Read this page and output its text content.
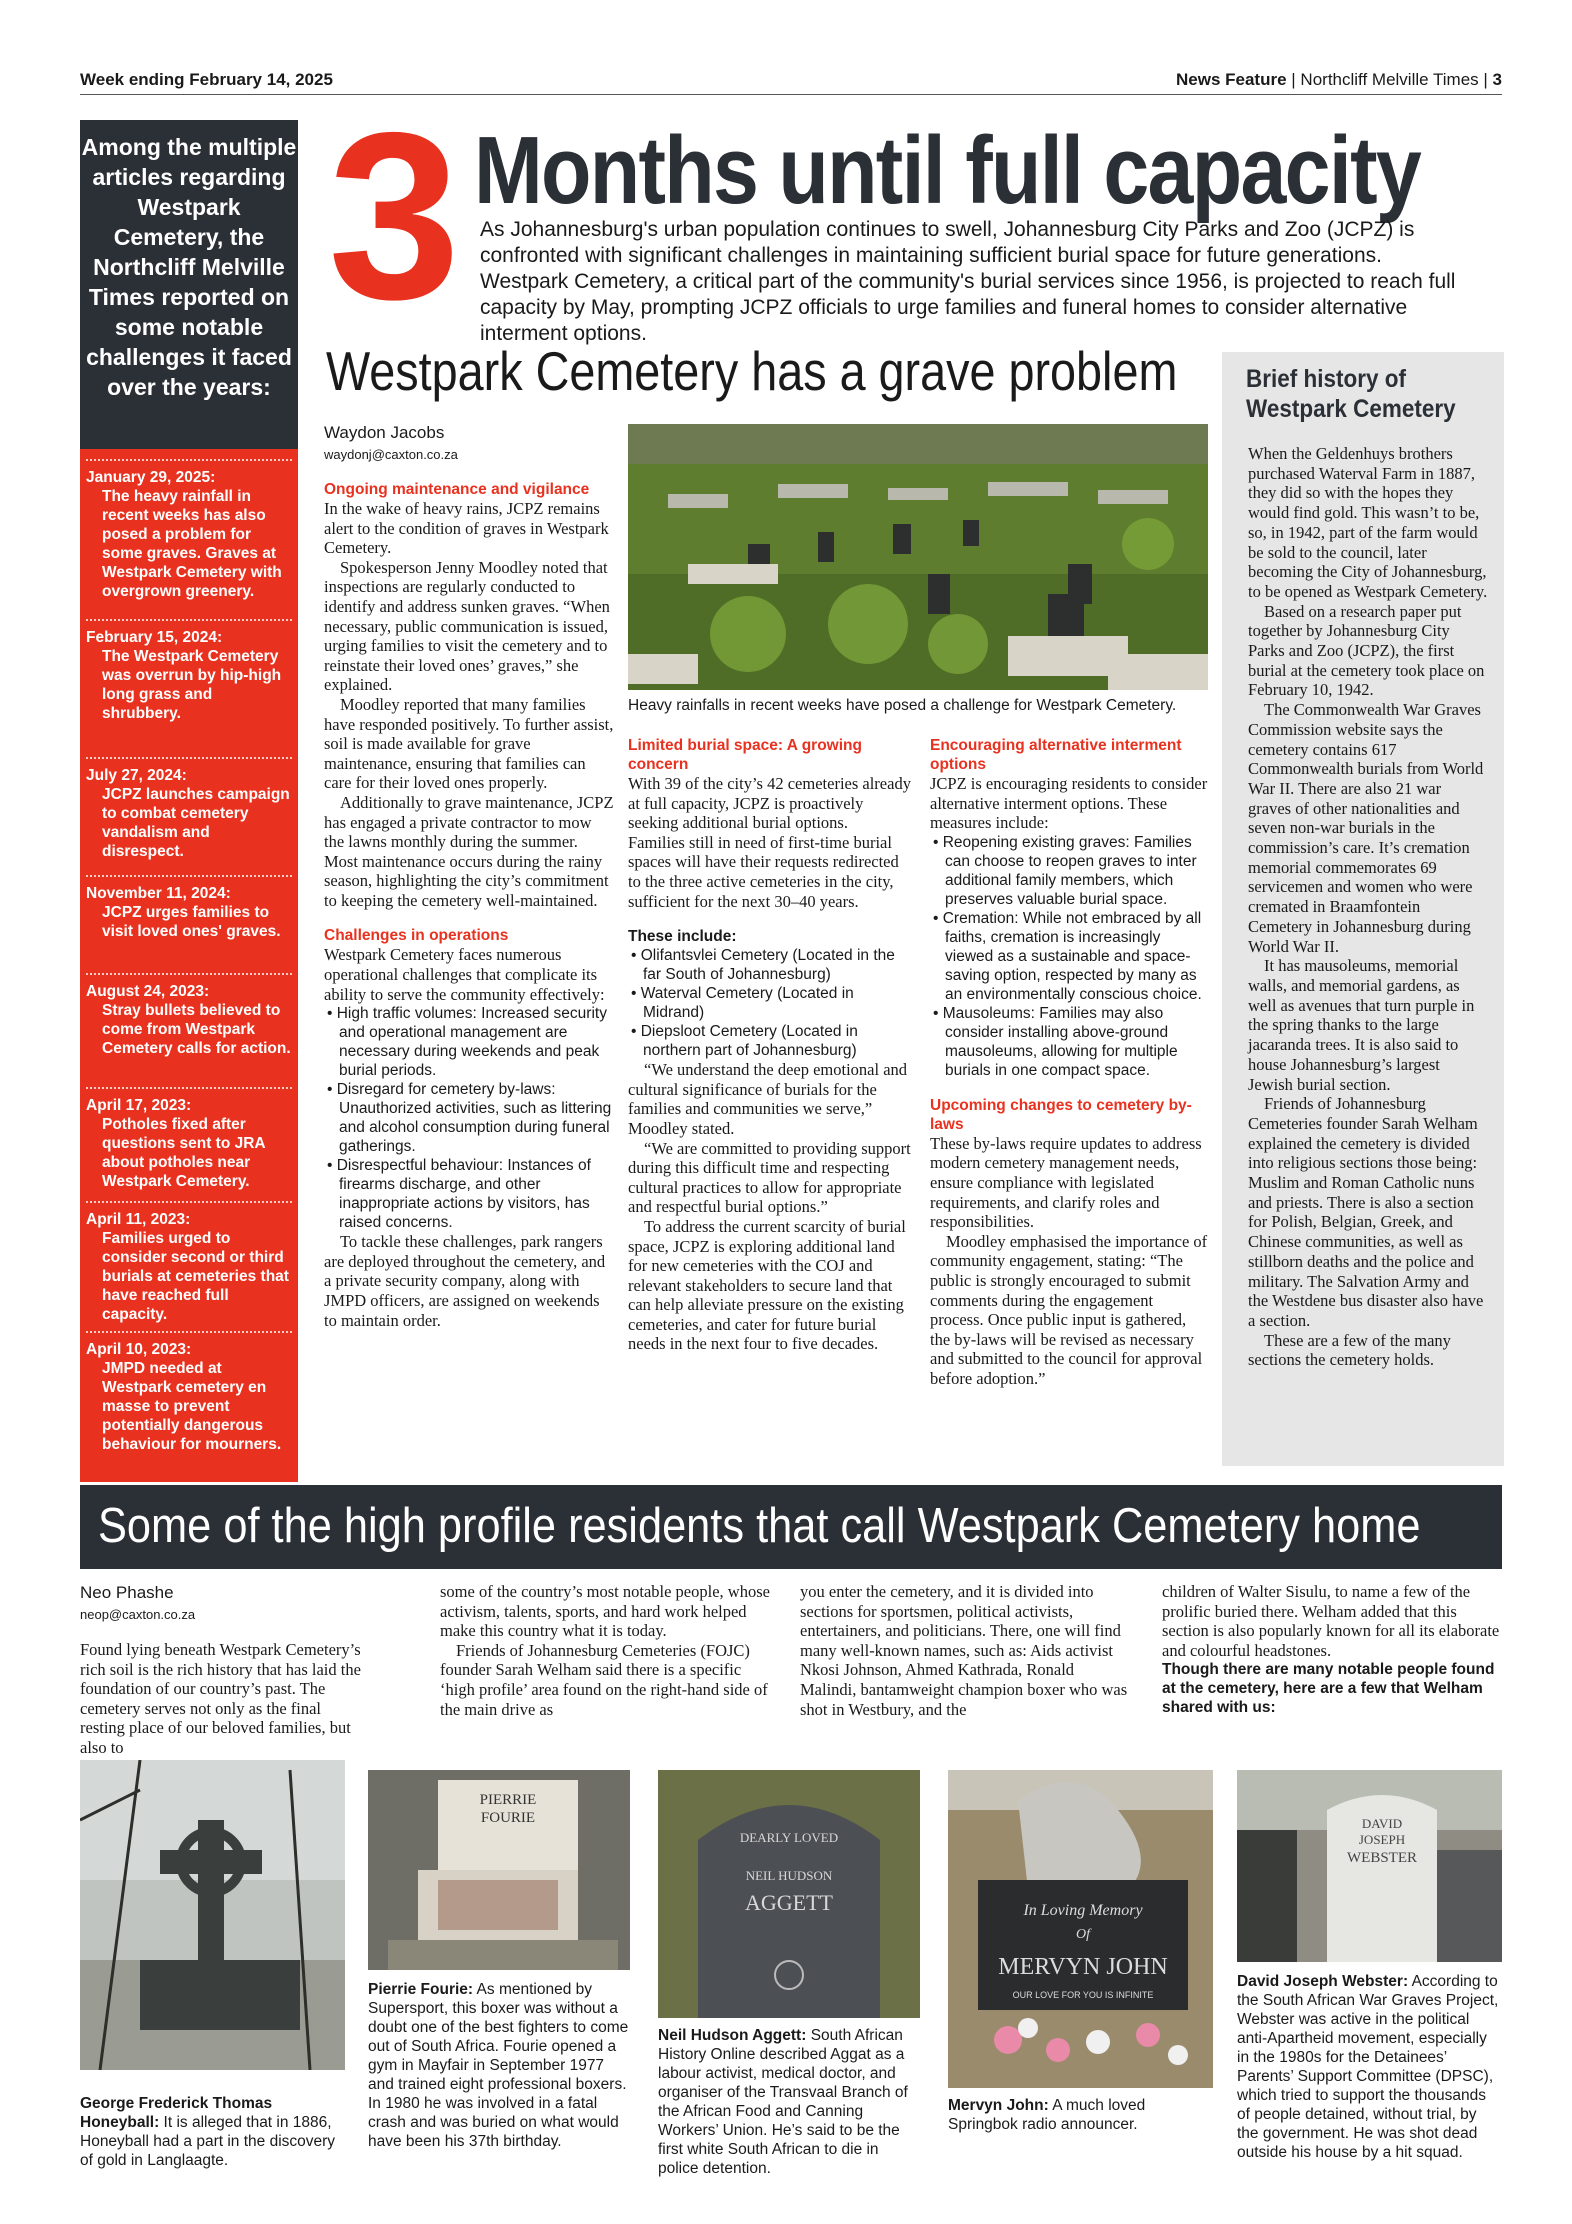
Week ending February 14, 2025	News Feature | Northcliff Melville Times | 3
Among the multiple articles regarding Westpark Cemetery, the Northcliff Melville Times reported on some notable challenges it faced over the years:
January 29, 2025:
The heavy rainfall in recent weeks has also posed a problem for some graves. Graves at Westpark Cemetery with overgrown greenery.
February 15, 2024:
The Westpark Cemetery was overrun by hip-high long grass and shrubbery.
July 27, 2024:
JCPZ launches campaign to combat cemetery vandalism and disrespect.
November 11, 2024:
JCPZ urges families to visit loved ones' graves.
August 24, 2023:
Stray bullets believed to come from Westpark Cemetery calls for action.
April 17, 2023:
Potholes fixed after questions sent to JRA about potholes near Westpark Cemetery.
April 11, 2023:
Families urged to consider second or third burials at cemeteries that have reached full capacity.
April 10, 2023:
JMPD needed at Westpark cemetery en masse to prevent potentially dangerous behaviour for mourners.
3 Months until full capacity

As Johannesburg's urban population continues to swell, Johannesburg City Parks and Zoo (JCPZ) is confronted with significant challenges in maintaining sufficient burial space for future generations.

Westpark Cemetery, a critical part of the community's burial services since 1956, is projected to reach full capacity by May, prompting JCPZ officials to urge families and funeral homes to consider alternative interment options.

Westpark Cemetery has a grave problem
Waydon Jacobs
waydonj@caxton.co.za

Ongoing maintenance and vigilance

In the wake of heavy rains, JCPZ remains alert to the condition of graves in Westpark Cemetery.

Spokesperson Jenny Moodley noted that inspections are regularly conducted to identify and address sunken graves. “When necessary, public communication is issued, urging families to visit the cemetery and to reinstate their loved ones’ graves,” she explained.

Moodley reported that many families have responded positively. To further assist, soil is made available for grave maintenance, ensuring that families can care for their loved ones properly.

Additionally to grave maintenance, JCPZ has engaged a private contractor to mow the lawns monthly during the summer. Most maintenance occurs during the rainy season, highlighting the city’s commitment to keeping the cemetery well-maintained.

Challenges in operations

Westpark Cemetery faces numerous operational challenges that complicate its ability to serve the community effectively:

• High traffic volumes: Increased security and operational management are necessary during weekends and peak burial periods.

• Disregard for cemetery by-laws: Unauthorized activities, such as littering and alcohol consumption during funeral gatherings.

• Disrespectful behaviour: Instances of firearms discharge, and other inappropriate actions by visitors, has raised concerns.

To tackle these challenges, park rangers are deployed throughout the cemetery, and a private security company, along with JMPD officers, are assigned on weekends to maintain order.

Heavy rainfalls in recent weeks have posed a challenge for Westpark Cemetery.

Limited burial space: A growing concern

With 39 of the city’s 42 cemeteries already at full capacity, JCPZ is proactively seeking additional burial options.

Families still in need of first-time burial spaces will have their requests redirected to the three active cemeteries in the city, sufficient for the next 30–40 years.

These include:

• Olifantsvlei Cemetery (Located in the far South of Johannesburg)

• Waterval Cemetery (Located in Midrand)

• Diepsloot Cemetery (Located in northern part of Johannesburg)

“We understand the deep emotional and cultural significance of burials for the families and communities we serve,” Moodley stated.

“We are committed to providing support during this difficult time and respecting cultural practices to allow for appropriate and respectful burial options.”

To address the current scarcity of burial space, JCPZ is exploring additional land for new cemeteries with the COJ and relevant stakeholders to secure land that can help alleviate pressure on the existing cemeteries, and cater for future burial needs in the next four to five decades.

Encouraging alternative interment options

JCPZ is encouraging residents to consider alternative interment options. These measures include:

• Reopening existing graves: Families can choose to reopen graves to inter additional family members, which preserves valuable burial space.

• Cremation: While not embraced by all faiths, cremation is increasingly viewed as a sustainable and space-saving option, respected by many as an environmentally conscious choice.

• Mausoleums: Families may also consider installing above-ground mausoleums, allowing for multiple burials in one compact space.

Upcoming changes to cemetery by-laws

These by-laws require updates to address modern cemetery management needs, ensure compliance with legislated requirements, and clarify roles and responsibilities.

Moodley emphasised the importance of community engagement, stating: “The public is strongly encouraged to submit comments during the engagement process. Once public input is gathered, the by-laws will be revised as necessary and submitted to the council for approval before adoption.”

Brief history of Westpark Cemetery

When the Geldenhuys brothers purchased Waterval Farm in 1887, they did so with the hopes they would find gold. This wasn’t to be, so, in 1942, part of the farm would be sold to the council, later becoming the City of Johannesburg, to be opened as Westpark Cemetery.

Based on a research paper put together by Johannesburg City Parks and Zoo (JCPZ), the first burial at the cemetery took place on February 10, 1942.

The Commonwealth War Graves Commission website says the cemetery contains 617 Commonwealth burials from World War II. There are also 21 war graves of other nationalities and seven non-war burials in the commission’s care. It’s cremation memorial commemorates 69 servicemen and women who were cremated in Braamfontein Cemetery in Johannesburg during World War II.

It has mausoleums, memorial walls, and memorial gardens, as well as avenues that turn purple in the spring thanks to the large jacaranda trees. It is also said to house Johannesburg’s largest Jewish burial section.

Friends of Johannesburg Cemeteries founder Sarah Welham explained the cemetery is divided into religious sections those being: Muslim and Roman Catholic nuns and priests. There is also a section for Polish, Belgian, Greek, and Chinese communities, as well as stillborn deaths and the police and military. The Salvation Army and the Westdene bus disaster also have a section.

These are a few of the many sections the cemetery holds.

Some of the high profile residents that call Westpark Cemetery home
Neo Phashe
neop@caxton.co.za

Found lying beneath Westpark Cemetery’s rich soil is the rich history that has laid the foundation of our country’s past. The cemetery serves not only as the final resting place of our beloved families, but also to

some of the country’s most notable people, whose activism, talents, sports, and hard work helped make this country what it is today.

Friends of Johannesburg Cemeteries (FOJC) founder Sarah Welham said there is a specific ‘high profile’ area found on the right-hand side of the main drive as

you enter the cemetery, and it is divided into sections for sportsmen, political activists, entertainers, and politicians. There, one will find many well-known names, such as: Aids activist Nkosi Johnson, Ahmed Kathrada, Ronald Malindi, bantamweight champion boxer who was shot in Westbury, and the

children of Walter Sisulu, to name a few of the prolific buried there. Welham added that this section is also popularly known for all its elaborate and colourful headstones.

Though there are many notable people found at the cemetery, here are a few that Welham shared with us:

George Frederick Thomas Honeyball: It is alleged that in 1886, Honeyball had a part in the discovery of gold in Langlaagte.
PIERRIE
FOURIE
Pierrie Fourie: As mentioned by Supersport, this boxer was without a doubt one of the best fighters to come out of South Africa. Fourie opened a gym in Mayfair in September 1977 and trained eight professional boxers. In 1980 he was involved in a fatal crash and was buried on what would have been his 37th birthday.
DEARLY LOVED
NEIL HUDSON
AGGETT
Neil Hudson Aggett: South African History Online described Aggat as a labour activist, medical doctor, and organiser of the Transvaal Branch of the African Food and Canning Workers’ Union. He’s said to be the first white South African to die in police detention.
In Loving Memory
Of
MERVYN JOHN
OUR LOVE FOR YOU IS INFINITE
Mervyn John: A much loved Springbok radio announcer.
DAVID
JOSEPH
WEBSTER
David Joseph Webster: According to the South African War Graves Project, Webster was active in the political anti-Apartheid movement, especially in the 1980s for the Detainees’ Parents’ Support Committee (DPSC), which tried to support the thousands of people detained, without trial, by the government. He was shot dead outside his house by a hit squad.
